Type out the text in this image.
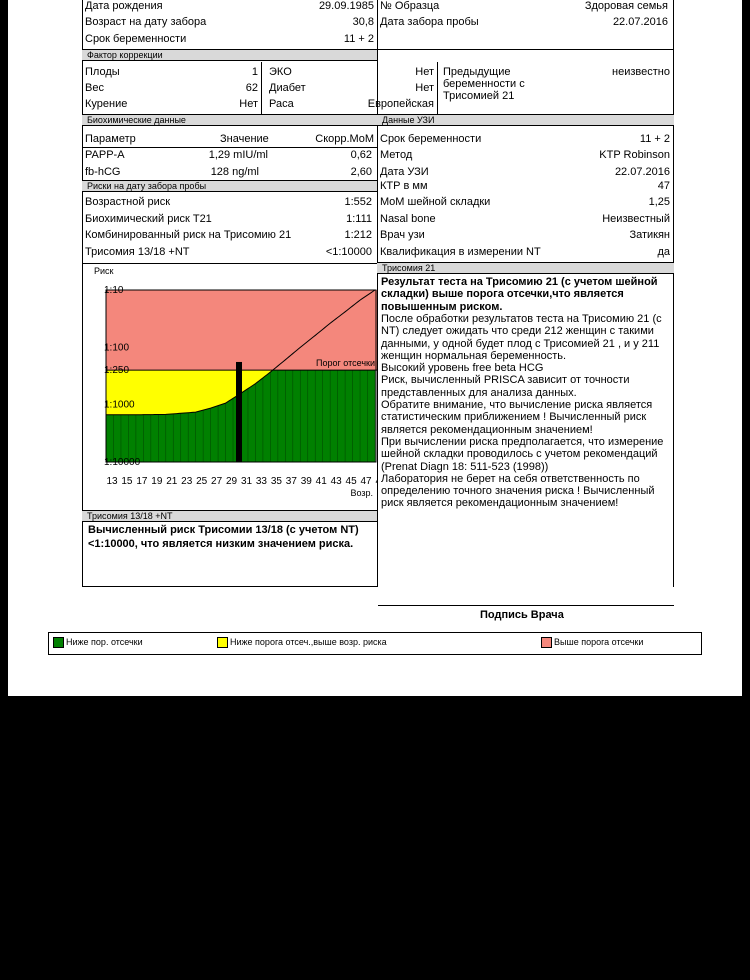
Дата рождения	29.09.1985
Возраст на дату забора	30,8
Срок беременности	11 + 2
№ Образца	Здоровая семья
Дата забора пробы	22.07.2016
Фактор коррекции
Плоды	1
Вес	62
Курение	Нет
ЭКО	Нет
Диабет	Нет
Раса	Европейская
Предыдущие
беременности с
Трисомией 21
неизвестно
Биохимические данные	Данные УЗИ
Параметр	Значение	Скорр.MoM
PAPP-A	1,29 mIU/ml	0,62
fb-hCG	128 ng/ml	2,60
Риски на дату забора пробы
Возрастной риск	1:552
Биохимический риск T21	1:111
Комбинированный риск на Трисомию 21	1:212
Трисомия 13/18 +NT	<1:10000
Срок беременности	11 + 2
Метод	KTP Robinson
Дата УЗИ	22.07.2016
КТР в мм	47
MoM шейной складки	1,25
Nasal bone	Неизвестный
Врач узи	Затикян
Квалификация в измерении NT	да
1:10
1:100
1:250
1:1000
1:10000
Риск
13 15 17 19 21 23 25 27 29 31 33 35 37 39 41 43 45 47
Возр.
Порог отсечки
Трисомия 21
Результат теста на Трисомию 21 (с учетом шейной
складки) выше порога отсечки,что является
повышенным риском.
После обработки результатов теста на Трисомию 21 (с
NT) следует ожидать что среди 212 женщин с такими
данными, у одной будет плод с Трисомией 21 , и у 211
женщин нормальная беременность.
Высокий уровень free beta HCG
Риск, вычисленный PRISCA зависит от точности
представленных для анализа данных.
Обратите внимание, что вычисление риска является
статистическим приближением ! Вычисленный риск
является рекомендационным значением!
При вычислении риска предполагается, что измерение
шейной складки проводилось с учетом рекомендаций
(Prenat Diagn 18: 511-523 (1998))
Лаборатория не берет на себя ответственность по
определению точного значения риска ! Вычисленный
риск является рекомендационным значением!
Трисомия 13/18 +NT
Вычисленный риск Трисомии 13/18 (с учетом NT)
<1:10000, что является низким значением риска.
Подпись Врача
Ниже пор. отсечки	Ниже порога отсеч.,выше возр. риска	Выше порога отсечки
